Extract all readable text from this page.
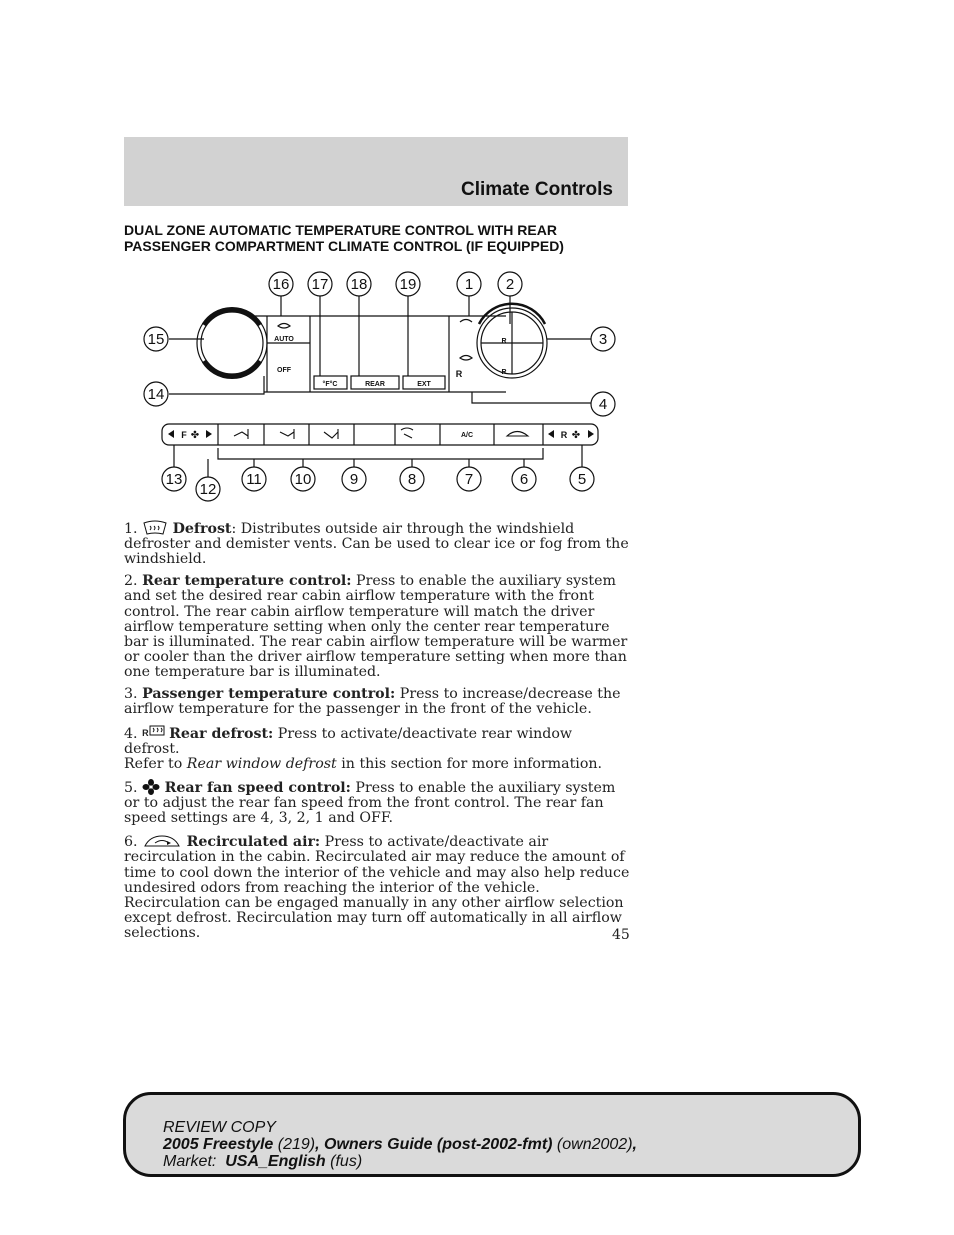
Climate Controls
DUAL ZONE AUTOMATIC TEMPERATURE CONTROL WITH REAR
PASSENGER COMPARTMENT CLIMATE CONTROL (IF EQUIPPED)
16 17 18 19	1 2
15	3
14
4
13
12
11 10	9	8	7	6	5
AUTO
OFF
°F°C	REAR	EXT
R
R
R
A/C
F	R
✤	✤

1. Defrost: Distributes outside air through the windshield defroster and demister vents. Can be used to clear ice or fog from the windshield.

2. Rear temperature control: Press to enable the auxiliary system and set the desired rear cabin airflow temperature with the front control. The rear cabin airflow temperature will match the driver airflow temperature setting when only the center rear temperature bar is illuminated. The rear cabin airflow temperature will be warmer or cooler than the driver airflow temperature setting when more than one temperature bar is illuminated.

3. Passenger temperature control: Press to increase/decrease the airflow temperature for the passenger in the front of the vehicle.

4. R Rear defrost: Press to activate/deactivate rear window defrost.
Refer to Rear window defrost in this section for more information.

5. Rear fan speed control: Press to enable the auxiliary system or to adjust the rear fan speed from the front control. The rear fan speed settings are 4, 3, 2, 1 and OFF.

6.	Recirculated air: Press to activate/deactivate air recirculation in the cabin. Recirculated air may reduce the amount of time to cool down the interior of the vehicle and may also help reduce undesired odors from reaching the interior of the vehicle. Recirculation can be engaged manually in any other airflow selection except defrost. Recirculation may turn off automatically in all airflow selections.	45
REVIEW COPY
2005 Freestyle (219), Owners Guide (post-2002-fmt) (own2002),
Market:  USA_English (fus)
